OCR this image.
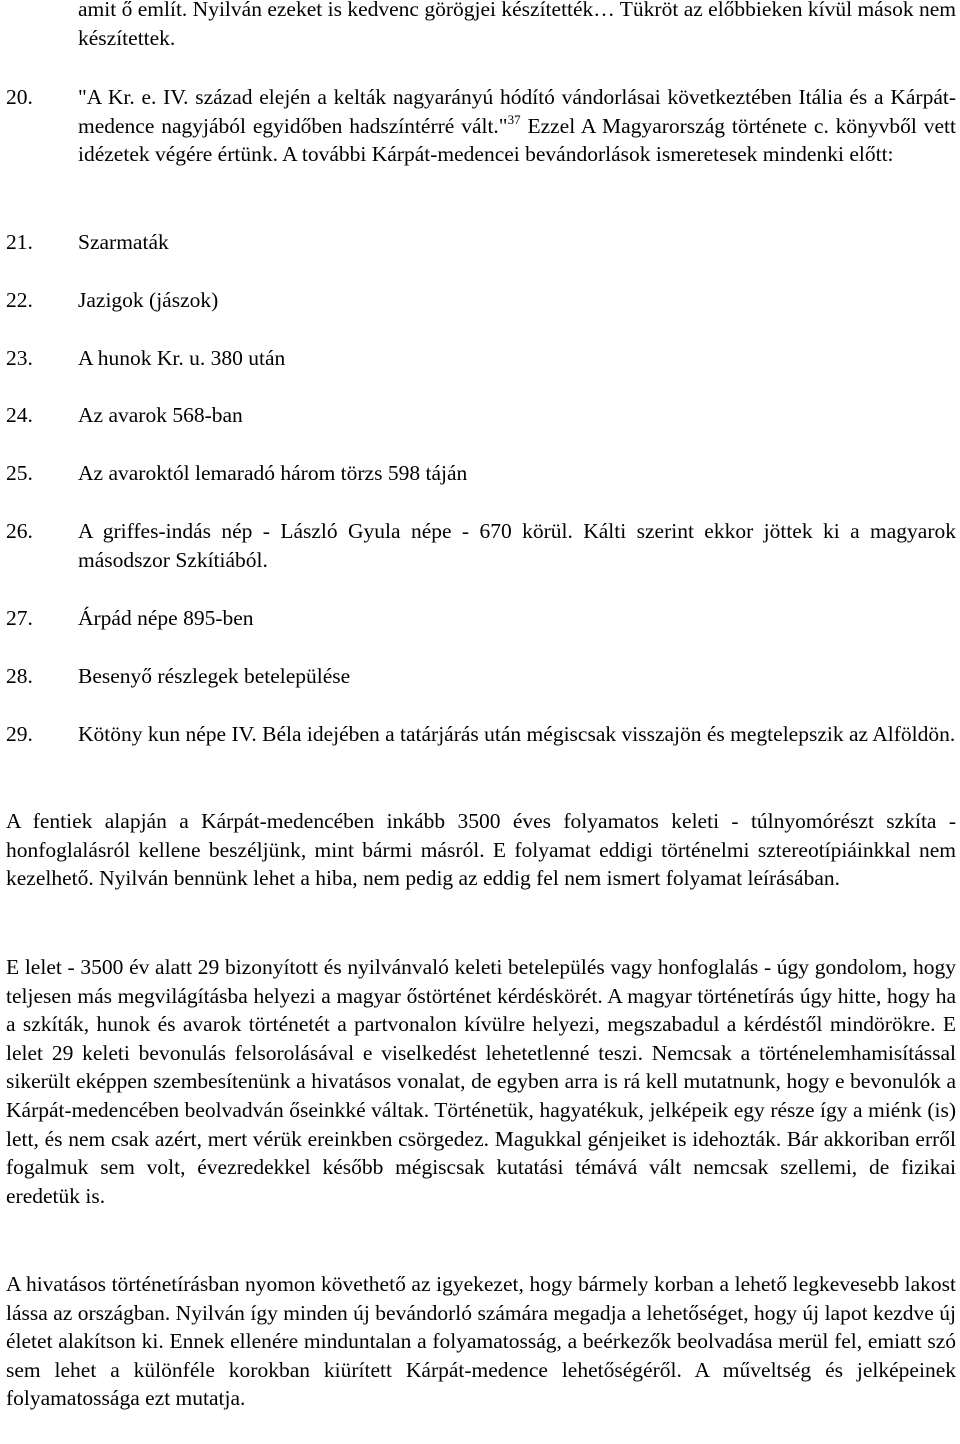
amit ő említ. Nyilván ezeket is kedvenc görögjei készítették… Tükröt az előbbieken kívül mások nem készítettek.
20. "A Kr. e. IV. század elején a kelták nagyarányú hódító vándorlásai következtében Itália és a Kárpát-medence nagyjából egyidőben hadszíntérré vált."$^{37}$ Ezzel A Magyarország története c. könyvből vett idézetek végére értünk. A további Kárpát-medencei bevándorlások ismeretesek mindenki előtt:
21. Szarmaták
22. Jazigok (jászok)
23. A hunok Kr. u. 380 után
24. Az avarok 568-ban
25. Az avaroktól lemaradó három törzs 598 táján
26. A griffes-indás nép - László Gyula népe - 670 körül. Kálti szerint ekkor jöttek ki a magyarok másodszor Szkítiából.
27. Árpád népe 895-ben
28. Besenyő részlegek betelepülése
29. Kötöny kun népe IV. Béla idejében a tatárjárás után mégiscsak visszajön és megtelepszik az Alföldön.
A fentiek alapján a Kárpát-medencében inkább 3500 éves folyamatos keleti - túlnyomórészt szkíta - honfoglalásról kellene beszéljünk, mint bármi másról. E folyamat eddigi történelmi sztereotípiáinkkal nem kezelhető. Nyilván bennünk lehet a hiba, nem pedig az eddig fel nem ismert folyamat leírásában.
E lelet - 3500 év alatt 29 bizonyított és nyilvánvaló keleti betelepülés vagy honfoglalás - úgy gondolom, hogy teljesen más megvilágításba helyezi a magyar őstörténet kérdéskörét. A magyar történetírás úgy hitte, hogy ha a szkíták, hunok és avarok történetét a partvonalon kívülre helyezi, megszabadul a kérdéstől mindörökre. E lelet 29 keleti bevonulás felsorolásával e viselkedést lehetetlenné teszi. Nemcsak a történelemhamisítással sikerült eképpen szembesítenünk a hivatásos vonalat, de egyben arra is rá kell mutatnunk, hogy e bevonulók a Kárpát-medencében beolvadván őseinkké váltak. Történetük, hagyatékuk, jelképeik egy része így a miénk (is) lett, és nem csak azért, mert vérük ereinkben csörgedez. Magukkal génjeiket is idehozták. Bár akkoriban erről fogalmuk sem volt, évezredekkel később mégiscsak kutatási témává vált nemcsak szellemi, de fizikai eredetük is.
A hivatásos történetírásban nyomon követhető az igyekezet, hogy bármely korban a lehető legkevesebb lakost lássa az országban. Nyilván így minden új bevándorló számára megadja a lehetőséget, hogy új lapot kezdve új életet alakítson ki. Ennek ellenére minduntalan a folyamatosság, a beérkezők beolvadása merül fel, emiatt szó sem lehet a különféle korokban kiürített Kárpát-medence lehetőségéről. A műveltség és jelképeinek folyamatossága ezt mutatja.
